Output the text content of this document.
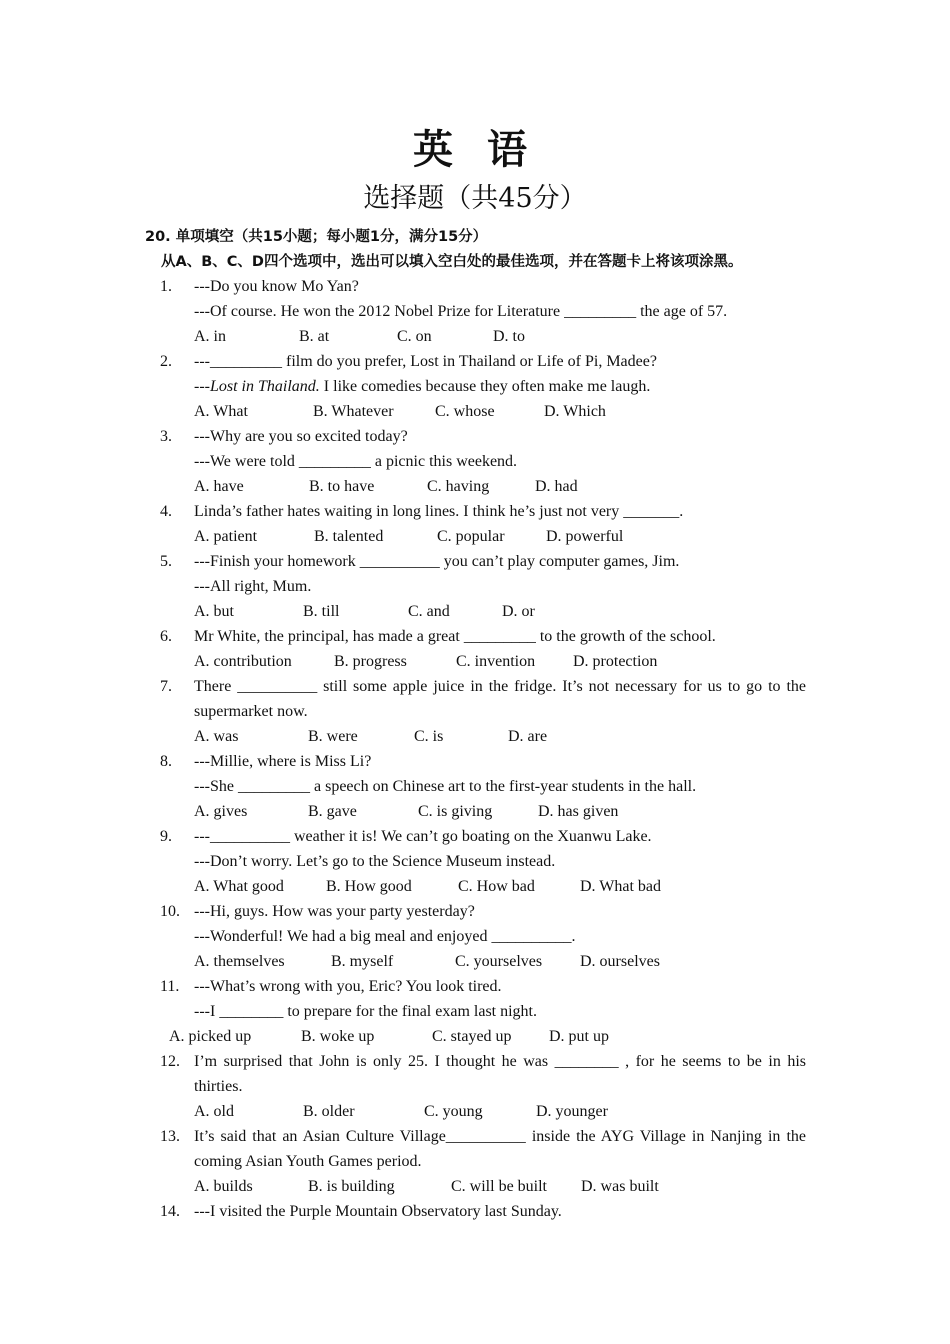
英 语
选择题（共45分）
20. 单项填空（共15小题；每小题1分，满分15分）
从A、B、C、D四个选项中，选出可以填入空白处的最佳选项，并在答题卡上将该项涂黑。
1. ---Do you know Mo Yan?
---Of course. He won the 2012 Nobel Prize for Literature _________ the age of 57.
A. in	B. at	C. on	D. to
2. ---_________ film do you prefer, Lost in Thailand or Life of Pi, Madee?
---Lost in Thailand. I like comedies because they often make me laugh.
A. What	B. Whatever	C. whose	D. Which
3. ---Why are you so excited today?
---We were told _________ a picnic this weekend.
A. have	B. to have	C. having	D. had
4. Linda’s father hates waiting in long lines. I think he’s just not very _______.
A. patient	B. talented	C. popular	D. powerful
5. ---Finish your homework __________ you can’t play computer games, Jim.
---All right, Mum.
A. but	B. till	C. and	D. or
6. Mr White, the principal, has made a great _________ to the growth of the school.
A. contribution	B. progress	C. invention D. protection
7. There __________ still some apple juice in the fridge. It’s not necessary for us to go to the supermarket now.
A. was	B. were	C. is	D. are
8. ---Millie, where is Miss Li?
---She _________ a speech on Chinese art to the first-year students in the hall.
A. gives	B. gave	C. is giving	D. has given
9. ---__________ weather it is! We can’t go boating on the Xuanwu Lake.
---Don’t worry. Let’s go to the Science Museum instead.
A. What good	B. How good	C. How bad	D. What bad
10. ---Hi, guys. How was your party yesterday?
---Wonderful! We had a big meal and enjoyed __________.
A. themselves	B. myself	C. yourselves D. ourselves
11. ---What’s wrong with you, Eric? You look tired.
---I ________ to prepare for the final exam last night.
A. picked up	B. woke up	C. stayed up D. put up
12. I’m surprised that John is only 25. I thought he was ________ , for he seems to be in his thirties.
A. old	B. older	C. young	D. younger
13. It’s said that an Asian Culture Village__________ inside the AYG Village in Nanjing in the coming Asian Youth Games period.
A. builds	B. is building	C. will be built D. was built
14. ---I visited the Purple Mountain Observatory last Sunday.
